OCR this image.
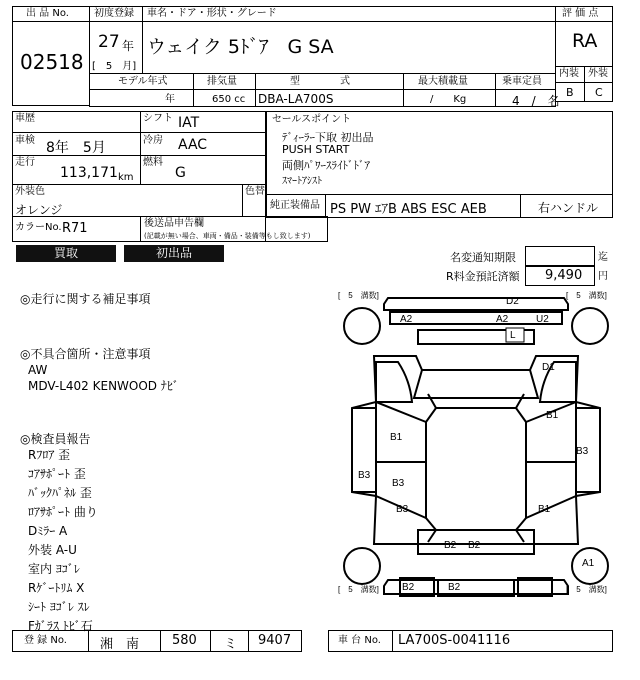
出 品 No.
02518
初度登録
27 年
[　5　月]
車名・ドア・形状・グレード
ウェイク 5ﾄﾞｱ　G SA
評 価 点
RA
内装 外装
B C
モデル年式
年
排気量
650 cc
型　　　　式
DBA-LA700S
最大積載量
/　　Kg
乗車定員
4　/　名
車歴	シフト IAT
車検 8年　5月	冷房 AAC
走行
113,171 km
燃料
G
外装色
オレンジ
色替
カラーNo. R71	後送品申告欄
(記載が無い場合、車両・備品・装備等もし致します)
セールスポイント
ﾃﾞｨｰﾗｰ下取 初出品
PUSH START
両側ﾊﾟﾜｰｽﾗｲﾄﾞﾄﾞｱ
ｽﾏｰﾄｱｼｽﾄ
純正装備品 PS PW ｴｱB ABS ESC AEB	右ハンドル
買取	初出品	名変通知期限	迄
R料金預託済額 9,490 円
◎走行に関する補足事項
◎不具合箇所・注意事項
AW
MDV-L402 KENWOOD ﾅﾋﾞ
◎検査員報告
Rﾌﾛｱ 歪
ｺｱｻﾎﾟｰﾄ 歪
ﾊﾞｯｸﾊﾟﾈﾙ 歪
ﾛｱｻﾎﾟｰﾄ 曲り
Dﾐﾗｰ A
外装 A-U
室内 ﾖｺﾞﾚ
Rｹﾞｰﾄﾘﾑ X
ｼｰﾄ ﾖｺﾞﾚ ｽﾚ
Fｶﾞﾗｽ ﾄﾋﾞ石
[　5　溝数]	[　5　溝数]
[　5　溝数]	[　5　溝数]
D2
A2	A2	U2
L
D1
B1
B1
B3
B3
B3
B3	B1
B2 B2
A1
B2	B2
登 録 No.	湘　南	580 ミ 9407	車 台 No. LA700S-0041116
